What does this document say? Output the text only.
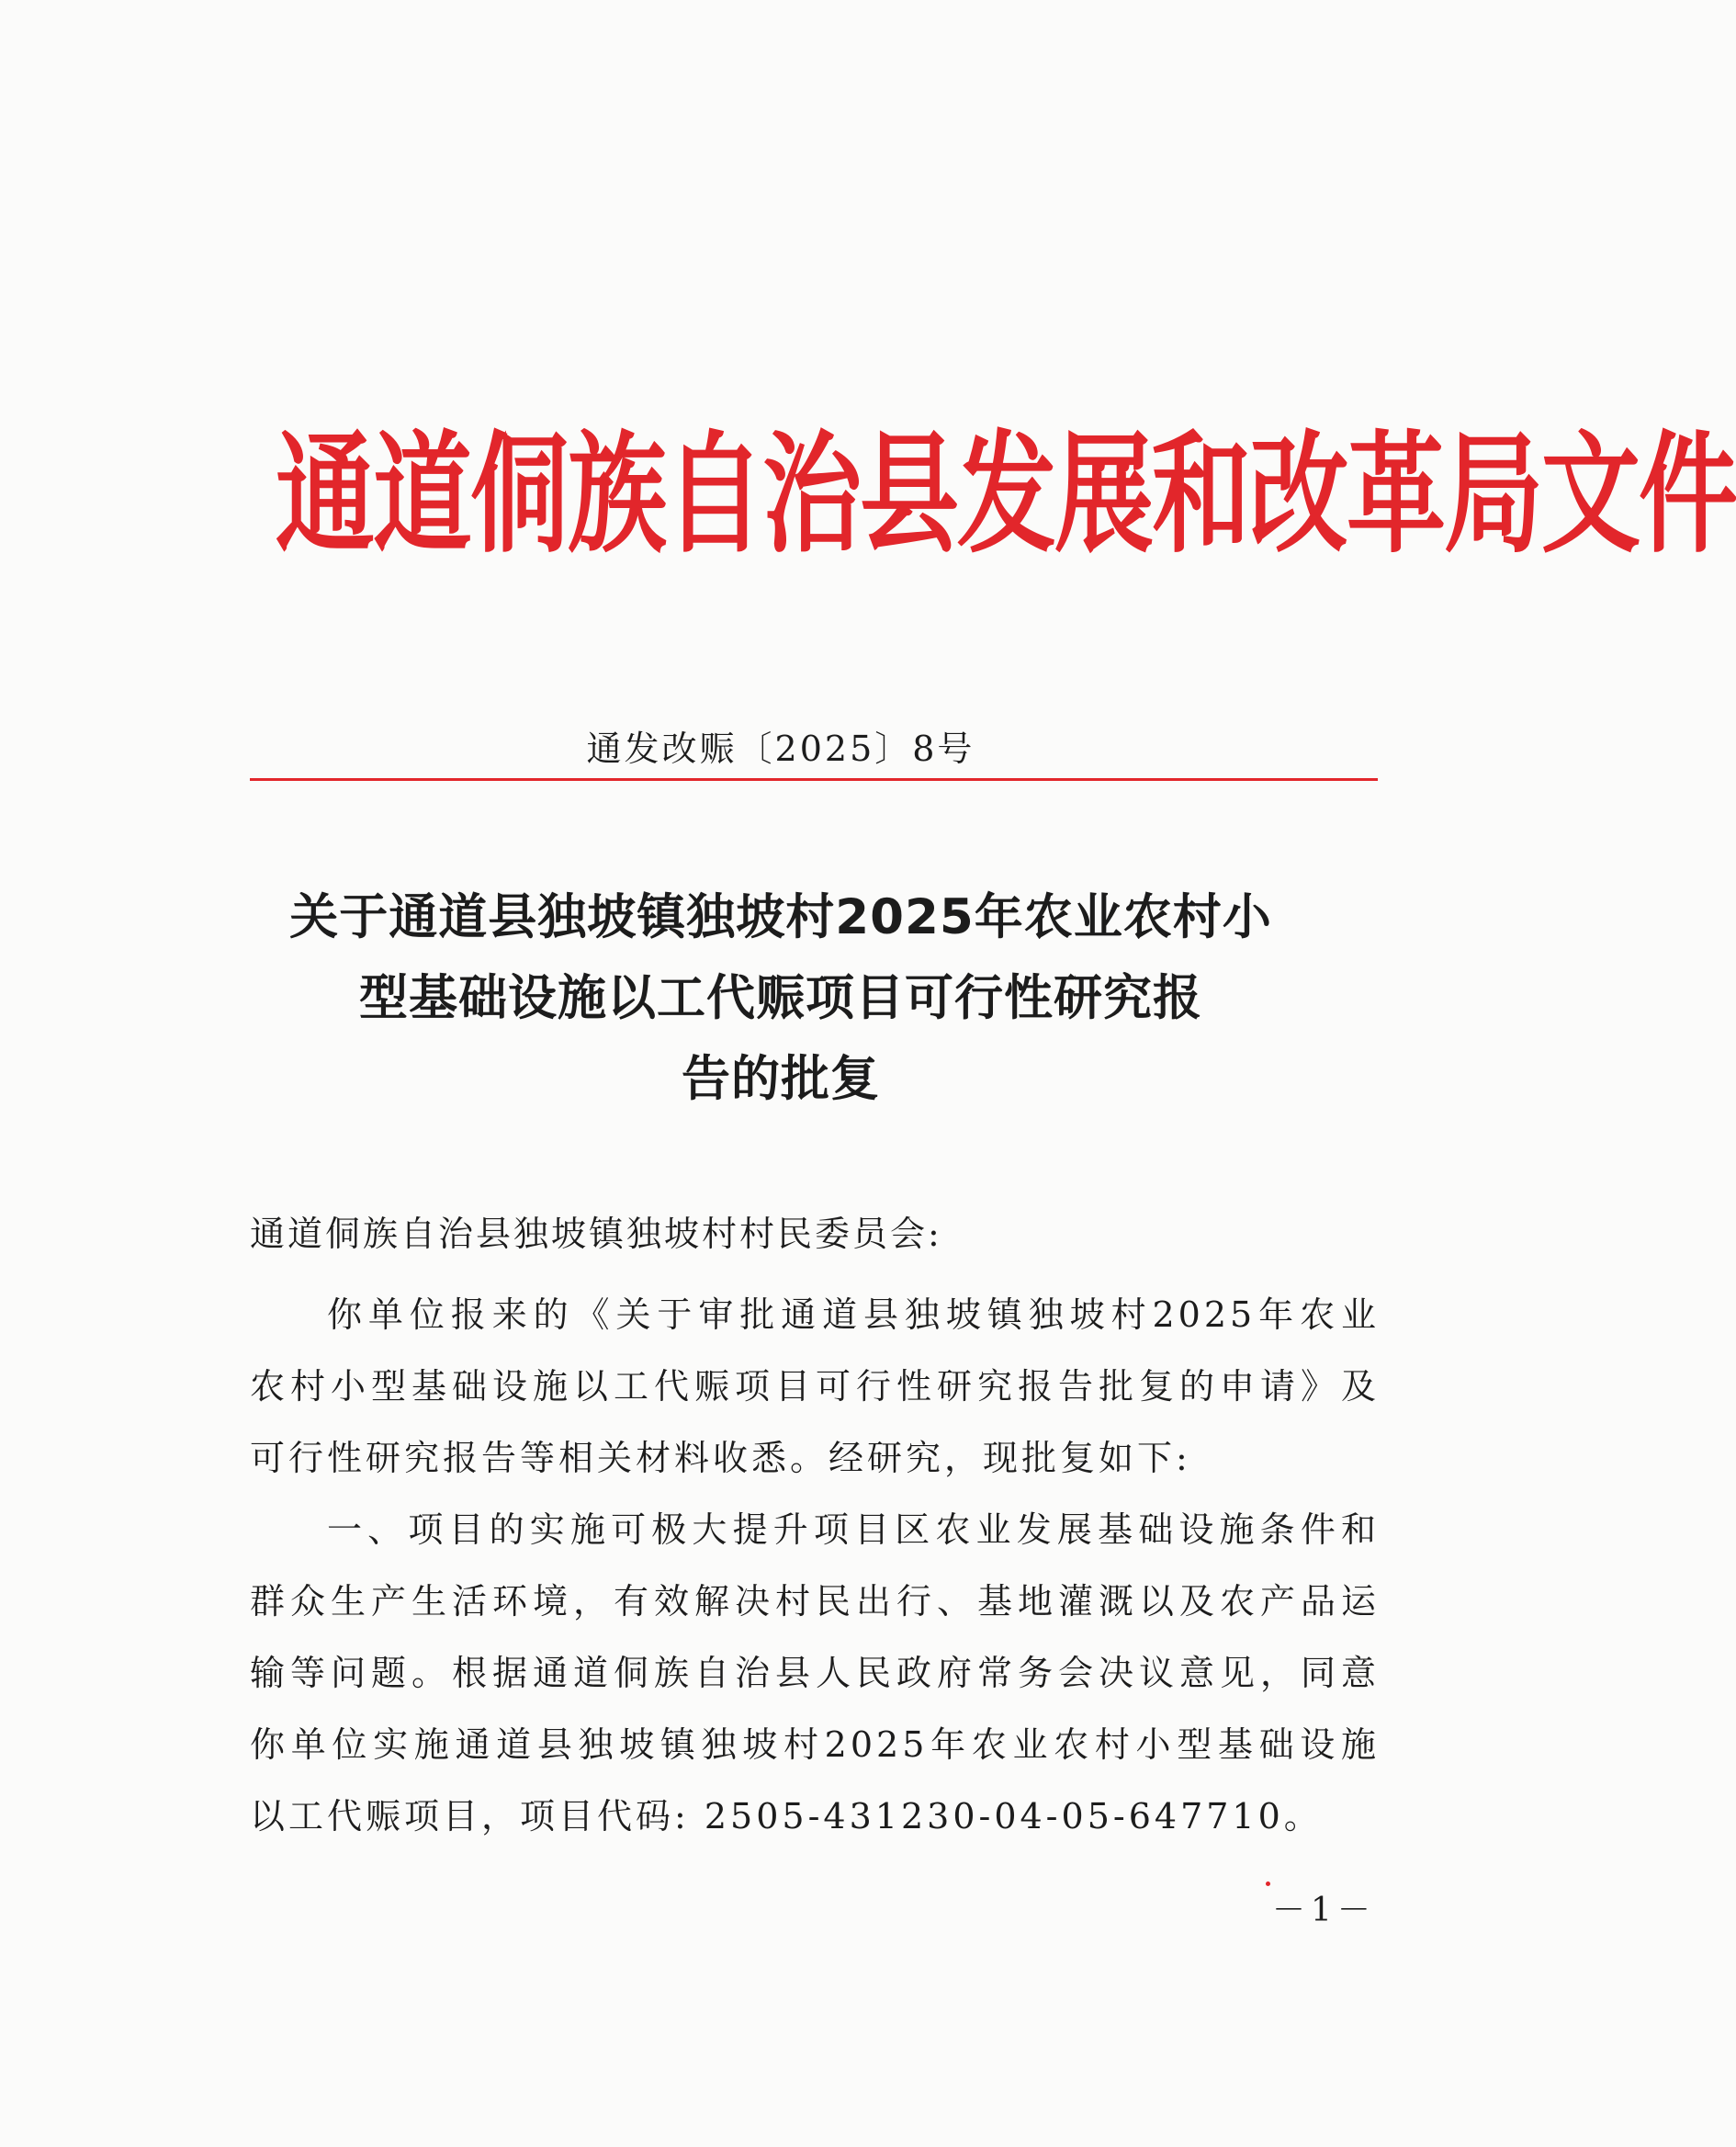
通道侗族自治县发展和改革局文件
通发改赈〔2025〕8号
关于通道县独坡镇独坡村2025年农业农村小
型基础设施以工代赈项目可行性研究报
告的批复
通道侗族自治县独坡镇独坡村村民委员会:
你单位报来的《关于审批通道县独坡镇独坡村2025年农业
农村小型基础设施以工代赈项目可行性研究报告批复的申请》及
可行性研究报告等相关材料收悉。经研究，现批复如下:
一、项目的实施可极大提升项目区农业发展基础设施条件和
群众生产生活环境，有效解决村民出行、基地灌溉以及农产品运
输等问题。根据通道侗族自治县人民政府常务会决议意见，同意
你单位实施通道县独坡镇独坡村2025年农业农村小型基础设施
以工代赈项目，项目代码: 2505-431230-04-05-647710。
－1－
